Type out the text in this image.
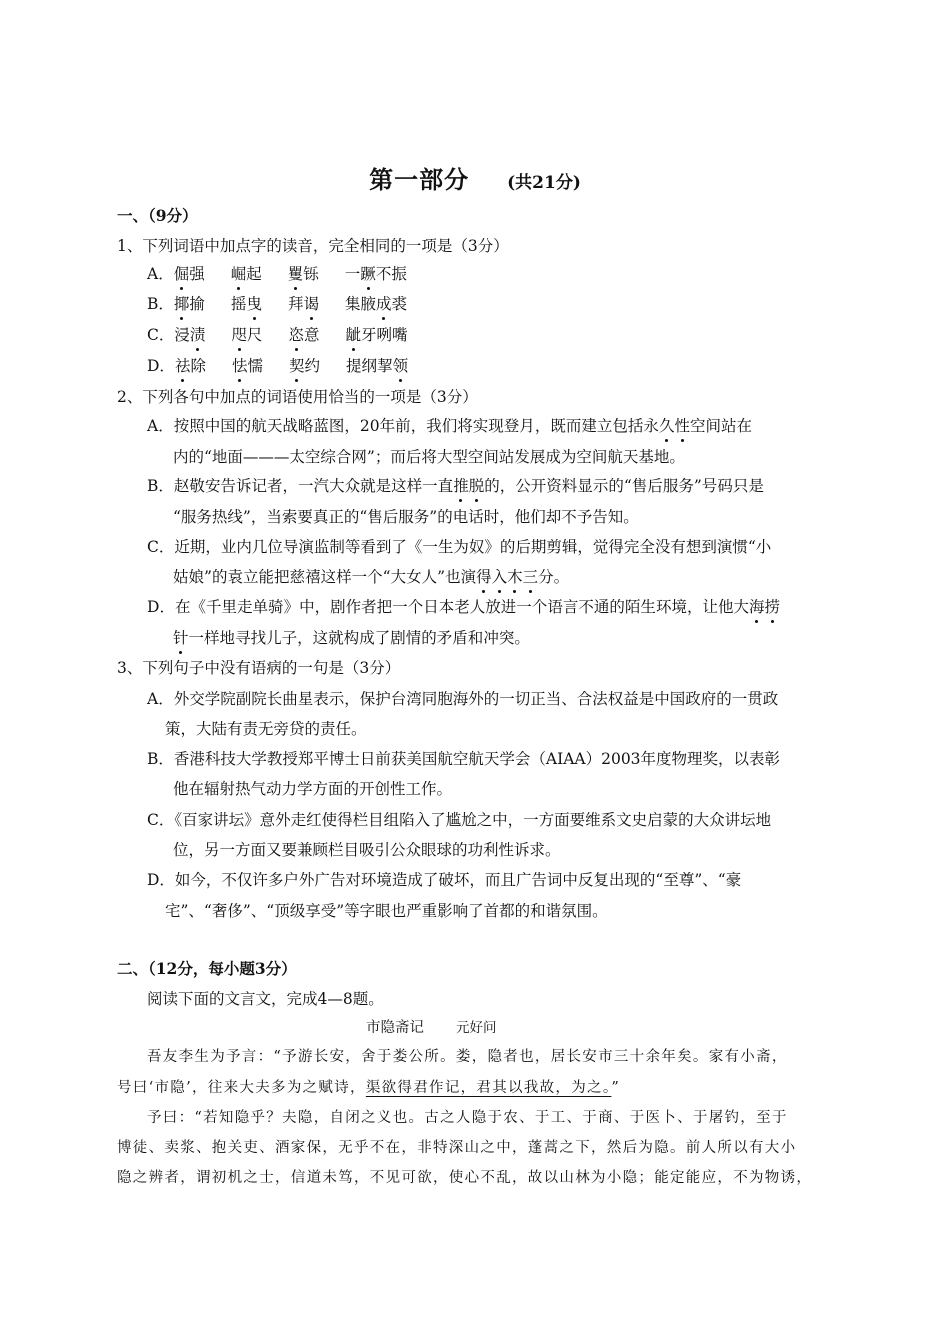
第一部分 (共21分)
一、（9分）
1、下列词语中加点字的读音，完全相同的一项是（3分）
A．倔强 崛起 矍铄 一蹶不振
B．揶揄 摇曳 拜谒 集腋成裘
C．浸渍 咫尺 恣意 龇牙咧嘴
D．祛除 怯懦 契约 提纲挈领
2、下列各句中加点的词语使用恰当的一项是（3分）
A．按照中国的航天战略蓝图，20年前，我们将实现登月，既而建立包括永久性空间站在
内的“地面———太空综合网”；而后将大型空间站发展成为空间航天基地。
B．赵敬安告诉记者，一汽大众就是这样一直推脱的，公开资料显示的“售后服务”号码只是
“服务热线”，当索要真正的“售后服务”的电话时，他们却不予告知。
C．近期，业内几位导演监制等看到了《一生为奴》的后期剪辑，觉得完全没有想到演惯“小
姑娘”的袁立能把慈禧这样一个“大女人”也演得入木三分。
D．在《千里走单骑》中，剧作者把一个日本老人放进一个语言不通的陌生环境，让他大海捞
针一样地寻找儿子，这就构成了剧情的矛盾和冲突。
3、下列句子中没有语病的一句是（3分）
A．外交学院副院长曲星表示，保护台湾同胞海外的一切正当、合法权益是中国政府的一贯政
策，大陆有责无旁贷的责任。
B．香港科技大学教授郑平博士日前获美国航空航天学会（AIAA）2003年度物理奖，以表彰
他在辐射热气动力学方面的开创性工作。
C．《百家讲坛》意外走红使得栏目组陷入了尴尬之中，一方面要维系文史启蒙的大众讲坛地
位，另一方面又要兼顾栏目吸引公众眼球的功利性诉求。
D．如今，不仅许多户外广告对环境造成了破坏，而且广告词中反复出现的“至尊”、“豪
宅”、“奢侈”、“顶级享受”等字眼也严重影响了首都的和谐氛围。
二、（12分，每小题3分）
阅读下面的文言文，完成4—8题。
市隐斋记 元好问
吾友李生为予言：“予游长安，舍于娄公所。娄，隐者也，居长安市三十余年矣。家有小斋，
号曰‘市隐’，往来大夫多为之赋诗，渠欲得君作记，君其以我故，为之。”
予曰：“若知隐乎？夫隐，自闭之义也。古之人隐于农、于工、于商、于医卜、于屠钓，至于
博徒、卖浆、抱关吏、酒家保，无乎不在，非特深山之中，蓬蒿之下，然后为隐。前人所以有大小
隐之辨者，谓初机之士，信道未笃，不见可欲，使心不乱，故以山林为小隐；能定能应，不为物诱，
